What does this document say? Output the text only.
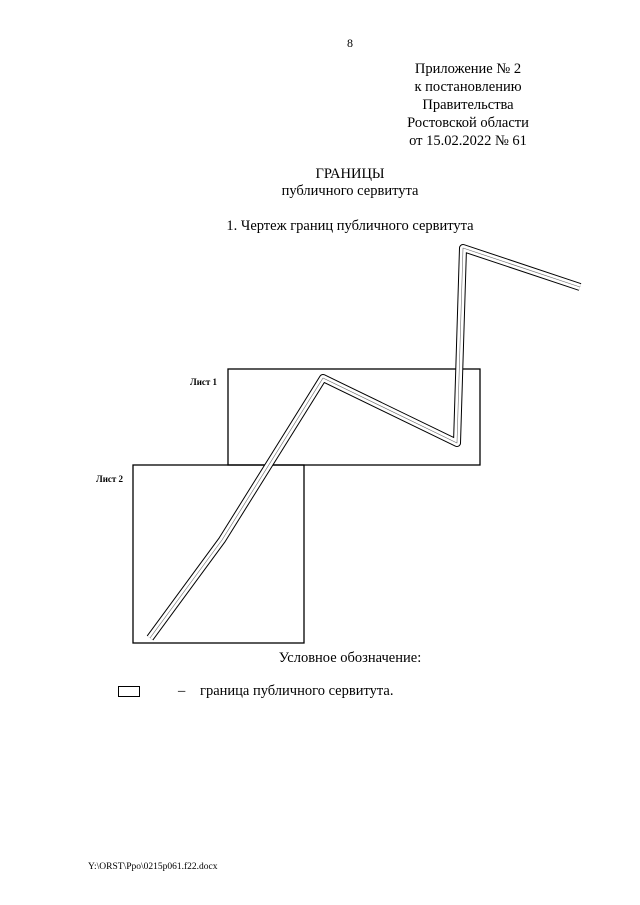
8
Приложение № 2
к постановлению
Правительства
Ростовской области
от 15.02.2022 № 61
ГРАНИЦЫ
публичного сервитута
1. Чертеж границ публичного сервитута
Лист 1
Лист 2
Условное обозначение:
– граница публичного сервитута.
Y:\ORST\Ppo\0215p061.f22.docx
